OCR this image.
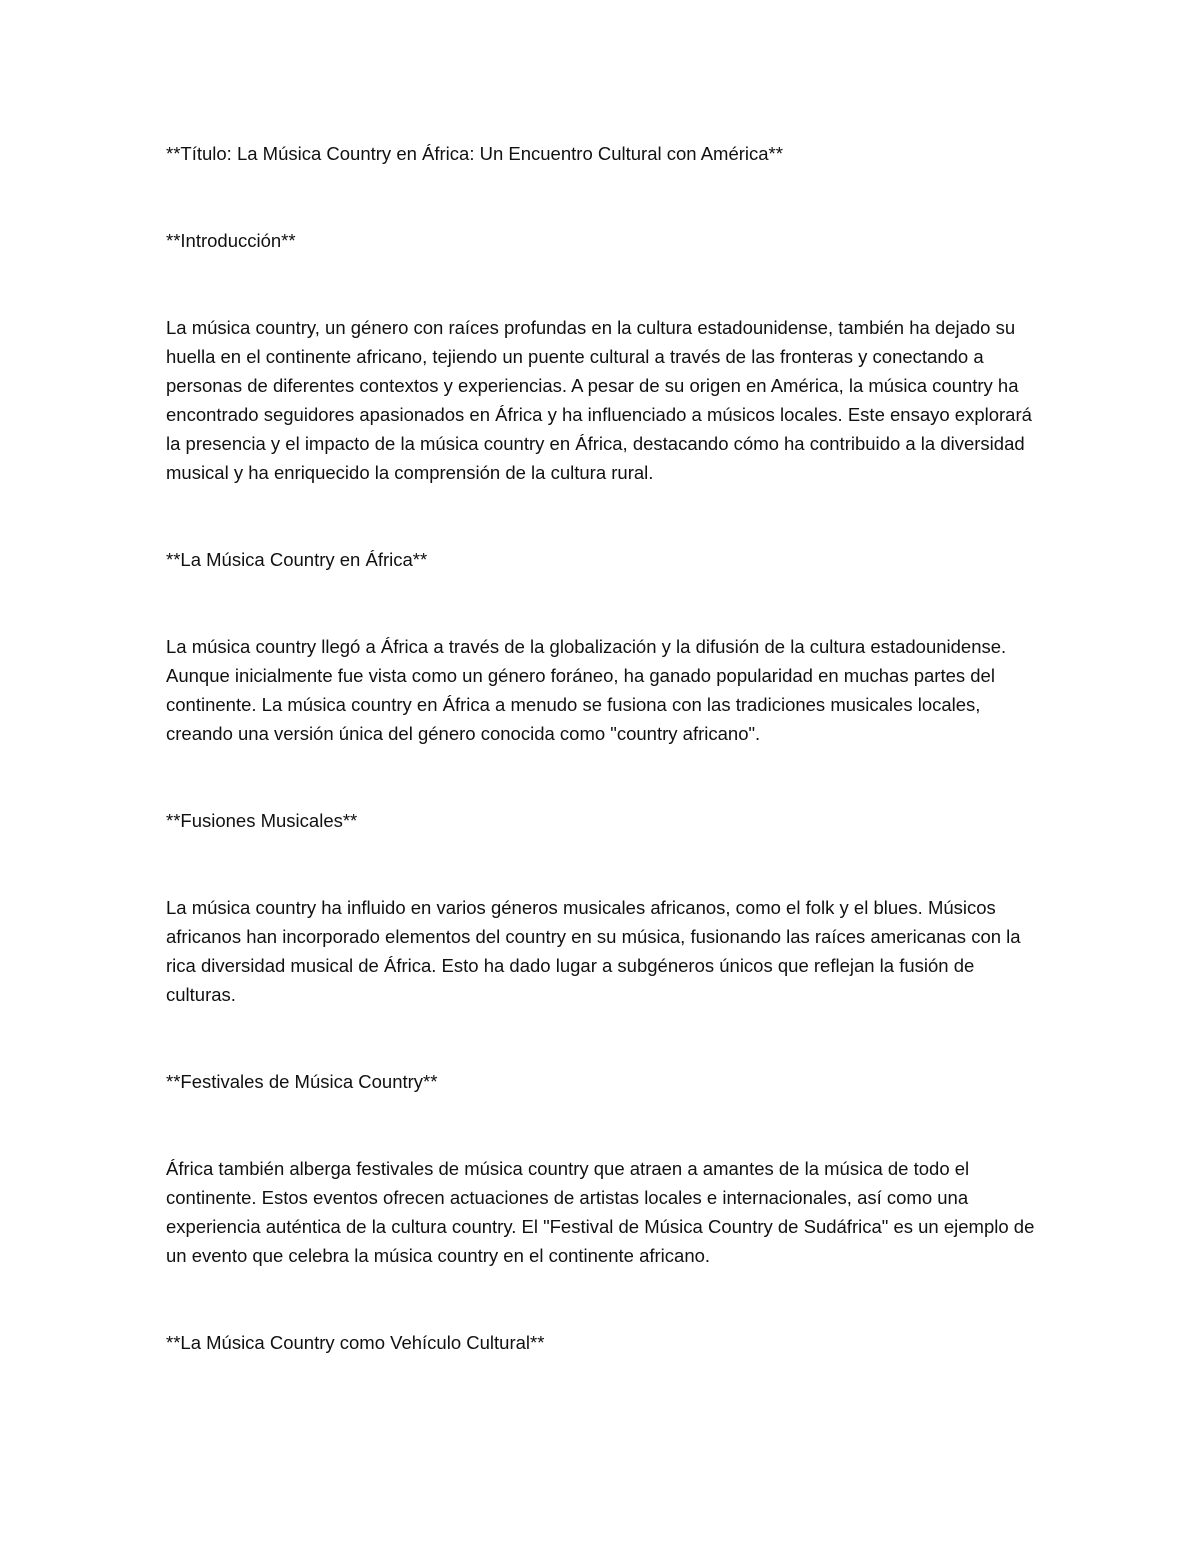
**Título: La Música Country en África: Un Encuentro Cultural con América**

**Introducción**

La música country, un género con raíces profundas en la cultura estadounidense, también ha dejado su huella en el continente africano, tejiendo un puente cultural a través de las fronteras y conectando a personas de diferentes contextos y experiencias. A pesar de su origen en América, la música country ha encontrado seguidores apasionados en África y ha influenciado a músicos locales. Este ensayo explorará la presencia y el impacto de la música country en África, destacando cómo ha contribuido a la diversidad musical y ha enriquecido la comprensión de la cultura rural.

**La Música Country en África**

La música country llegó a África a través de la globalización y la difusión de la cultura estadounidense. Aunque inicialmente fue vista como un género foráneo, ha ganado popularidad en muchas partes del continente. La música country en África a menudo se fusiona con las tradiciones musicales locales, creando una versión única del género conocida como "country africano".

**Fusiones Musicales**

La música country ha influido en varios géneros musicales africanos, como el folk y el blues. Músicos africanos han incorporado elementos del country en su música, fusionando las raíces americanas con la rica diversidad musical de África. Esto ha dado lugar a subgéneros únicos que reflejan la fusión de culturas.

**Festivales de Música Country**

África también alberga festivales de música country que atraen a amantes de la música de todo el continente. Estos eventos ofrecen actuaciones de artistas locales e internacionales, así como una experiencia auténtica de la cultura country. El "Festival de Música Country de Sudáfrica" es un ejemplo de un evento que celebra la música country en el continente africano.

**La Música Country como Vehículo Cultural**
